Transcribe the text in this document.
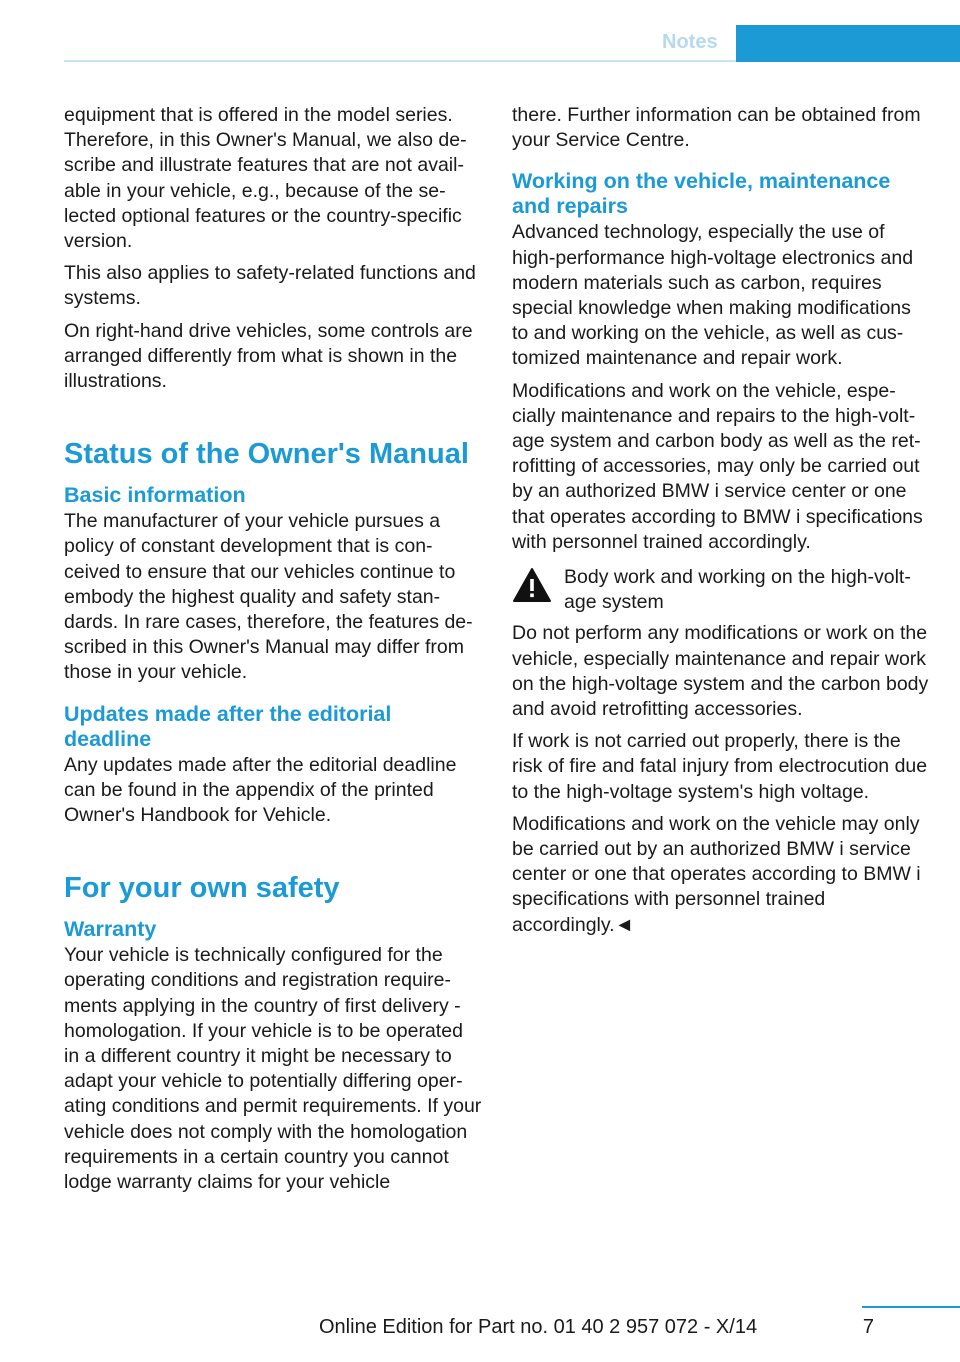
Notes

equipment that is offered in the model series. Therefore, in this Owner's Manual, we also describe and illustrate features that are not available in your vehicle, e.g., because of the selected optional features or the country-specific version.

This also applies to safety-related functions and systems.

On right-hand drive vehicles, some controls are arranged differently from what is shown in the illustrations.

Status of the Owner's Manual
Basic information

The manufacturer of your vehicle pursues a policy of constant development that is conceived to ensure that our vehicles continue to embody the highest quality and safety standards. In rare cases, therefore, the features described in this Owner's Manual may differ from those in your vehicle.

Updates made after the editorial deadline

Any updates made after the editorial deadline can be found in the appendix of the printed Owner's Handbook for Vehicle.

For your own safety
Warranty

Your vehicle is technically configured for the operating conditions and registration requirements applying in the country of first delivery - homologation. If your vehicle is to be operated in a different country it might be necessary to adapt your vehicle to potentially differing operating conditions and permit requirements. If your vehicle does not comply with the homologation requirements in a certain country you cannot lodge warranty claims for your vehicle

there. Further information can be obtained from your Service Centre.

Working on the vehicle, maintenance and repairs

Advanced technology, especially the use of high-performance high-voltage electronics and modern materials such as carbon, requires special knowledge when making modifications to and working on the vehicle, as well as customized maintenance and repair work.

Modifications and work on the vehicle, especially maintenance and repairs to the high-voltage system and carbon body as well as the retrofitting of accessories, may only be carried out by an authorized BMW i service center or one that operates according to BMW i specifications with personnel trained accordingly.

Body work and working on the high-voltage system

Do not perform any modifications or work on the vehicle, especially maintenance and repair work on the high-voltage system and the carbon body and avoid retrofitting accessories.

If work is not carried out properly, there is the risk of fire and fatal injury from electrocution due to the high-voltage system's high voltage.

Modifications and work on the vehicle may only be carried out by an authorized BMW i service center or one that operates according to BMW i specifications with personnel trained accordingly.◄

7
Online Edition for Part no. 01 40 2 957 072 - X/14
